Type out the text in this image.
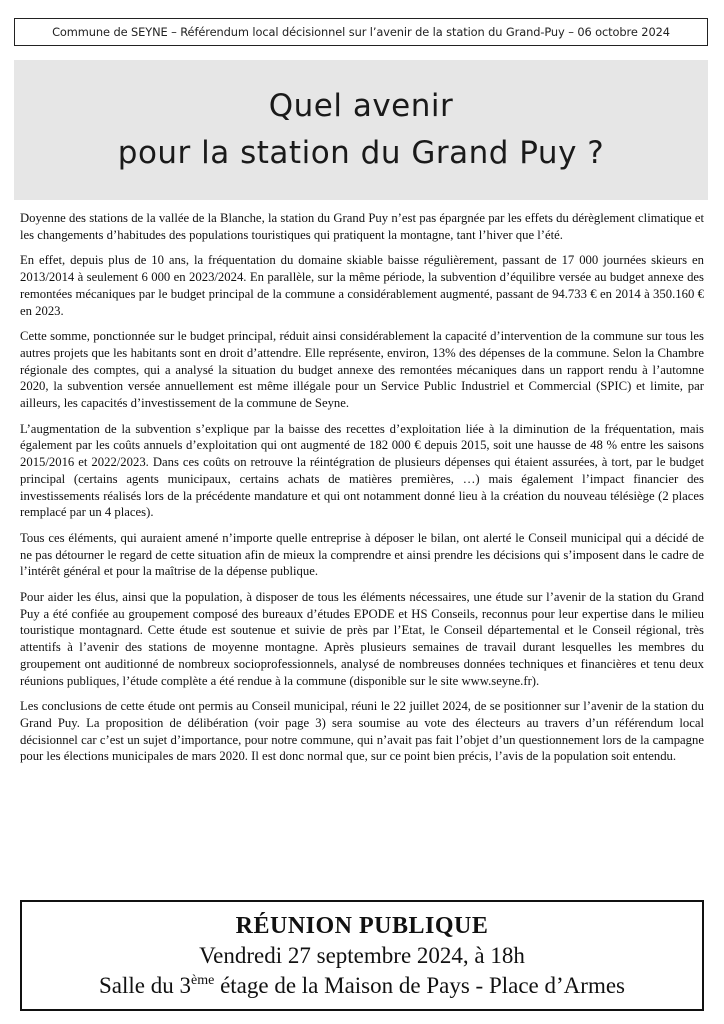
Commune de SEYNE – Référendum local décisionnel sur l’avenir de la station du Grand-Puy – 06 octobre 2024
Quel avenir
pour la station du Grand Puy ?

Doyenne des stations de la vallée de la Blanche, la station du Grand Puy n’est pas épargnée par les effets du dérèglement climatique et les changements d’habitudes des populations touristiques qui pratiquent la montagne, tant l’hiver que l’été.

En effet, depuis plus de 10 ans, la fréquentation du domaine skiable baisse régulièrement, passant de 17 000 journées skieurs en 2013/2014 à seulement 6 000 en 2023/2024. En parallèle, sur la même période, la subvention d’équilibre versée au budget annexe des remontées mécaniques par le budget principal de la commune a considérablement augmenté, passant de 94.733 € en 2014 à 350.160 € en 2023.

Cette somme, ponctionnée sur le budget principal, réduit ainsi considérablement la capacité d’intervention de la commune sur tous les autres projets que les habitants sont en droit d’attendre. Elle représente, environ, 13% des dépenses de la commune. Selon la Chambre régionale des comptes, qui a analysé la situation du budget annexe des remontées mécaniques dans un rapport rendu à l’automne 2020, la subvention versée annuellement est même illégale pour un Service Public Industriel et Commercial (SPIC) et limite, par ailleurs, les capacités d’investissement de la commune de Seyne.

L’augmentation de la subvention s’explique par la baisse des recettes d’exploitation liée à la diminution de la fréquentation, mais également par les coûts annuels d’exploitation qui ont augmenté de 182 000 € depuis 2015, soit une hausse de 48 % entre les saisons 2015/2016 et 2022/2023. Dans ces coûts on retrouve la réintégration de plusieurs dépenses qui étaient assurées, à tort, par le budget principal (certains agents municipaux, certains achats de matières premières, …) mais également l’impact financier des investissements réalisés lors de la précédente mandature et qui ont notamment donné lieu à la création du nouveau télésiège (2 places remplacé par un 4 places).

Tous ces éléments, qui auraient amené n’importe quelle entreprise à déposer le bilan, ont alerté le Conseil municipal qui a décidé de ne pas détourner le regard de cette situation afin de mieux la comprendre et ainsi prendre les décisions qui s’imposent dans le cadre de l’intérêt général et pour la maîtrise de la dépense publique.

Pour aider les élus, ainsi que la population, à disposer de tous les éléments nécessaires, une étude sur l’avenir de la station du Grand Puy a été confiée au groupement composé des bureaux d’études EPODE et HS Conseils, reconnus pour leur expertise dans le milieu touristique montagnard. Cette étude est soutenue et suivie de près par l’Etat, le Conseil départemental et le Conseil régional, très attentifs à l’avenir des stations de moyenne montagne. Après plusieurs semaines de travail durant lesquelles les membres du groupement ont auditionné de nombreux socioprofessionnels, analysé de nombreuses données techniques et financières et tenu deux réunions publiques, l’étude complète a été rendue à la commune (disponible sur le site www.seyne.fr).

Les conclusions de cette étude ont permis au Conseil municipal, réuni le 22 juillet 2024, de se positionner sur l’avenir de la station du Grand Puy. La proposition de délibération (voir page 3) sera soumise au vote des électeurs au travers d’un référendum local décisionnel car c’est un sujet d’importance, pour notre commune, qui n’avait pas fait l’objet d’un questionnement lors de la campagne pour les élections municipales de mars 2020. Il est donc normal que, sur ce point bien précis, l’avis de la population soit entendu.

RÉUNION PUBLIQUE
Vendredi 27 septembre 2024, à 18h
Salle du 3ème étage de la Maison de Pays - Place d’Armes
